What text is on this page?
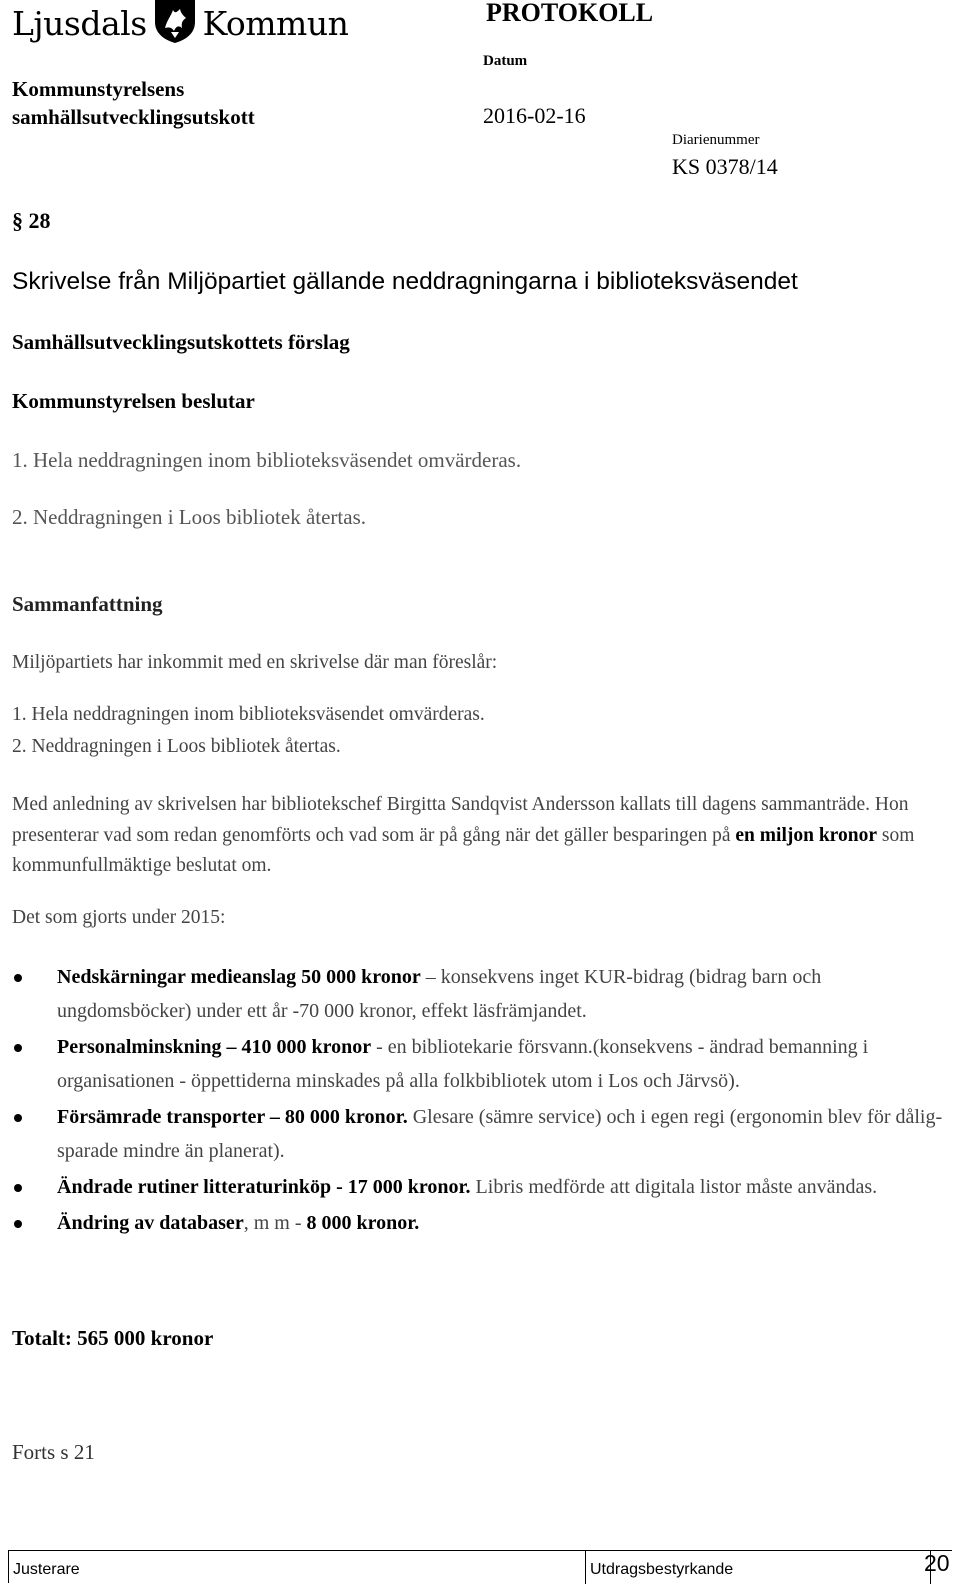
Ljusdals Kommun	PROTOKOLL
Datum
2016-02-16
Diarienummer
KS 0378/14
Kommunstyrelsens
samhällsutvecklingsutskott
§ 28
Skrivelse från Miljöpartiet gällande neddragningarna i biblioteksväsendet
Samhällsutvecklingsutskottets förslag
Kommunstyrelsen beslutar
1. Hela neddragningen inom biblioteksväsendet omvärderas.
2. Neddragningen i Loos bibliotek återtas.
Sammanfattning
Miljöpartiets har inkommit med en skrivelse där man föreslår:
1. Hela neddragningen inom biblioteksväsendet omvärderas.
2. Neddragningen i Loos bibliotek återtas.
Med anledning av skrivelsen har bibliotekschef Birgitta Sandqvist Andersson kallats till dagens sammanträde. Hon presenterar vad som redan genomförts och vad som är på gång när det gäller besparingen på en miljon kronor som kommunfullmäktige beslutat om.
Det som gjorts under 2015:
Nedskärningar medieanslag 50 000 kronor – konsekvens inget KUR-bidrag (bidrag barn och ungdomsböcker) under ett år -70 000 kronor, effekt läsfrämjandet.
Personalminskning – 410 000 kronor - en bibliotekarie försvann.(konsekvens - ändrad bemanning i organisationen - öppettiderna minskades på alla folkbibliotek utom i Los och Järvsö).
Försämrade transporter – 80 000 kronor. Glesare (sämre service) och i egen regi (ergonomin blev för dålig-sparade mindre än planerat).
Ändrade rutiner litteraturinköp - 17 000 kronor. Libris medförde att digitala listor måste användas.
Ändring av databaser, m m - 8 000 kronor.
Totalt: 565 000 kronor
Forts s 21
Justerare	Utdragsbestyrkande	20
